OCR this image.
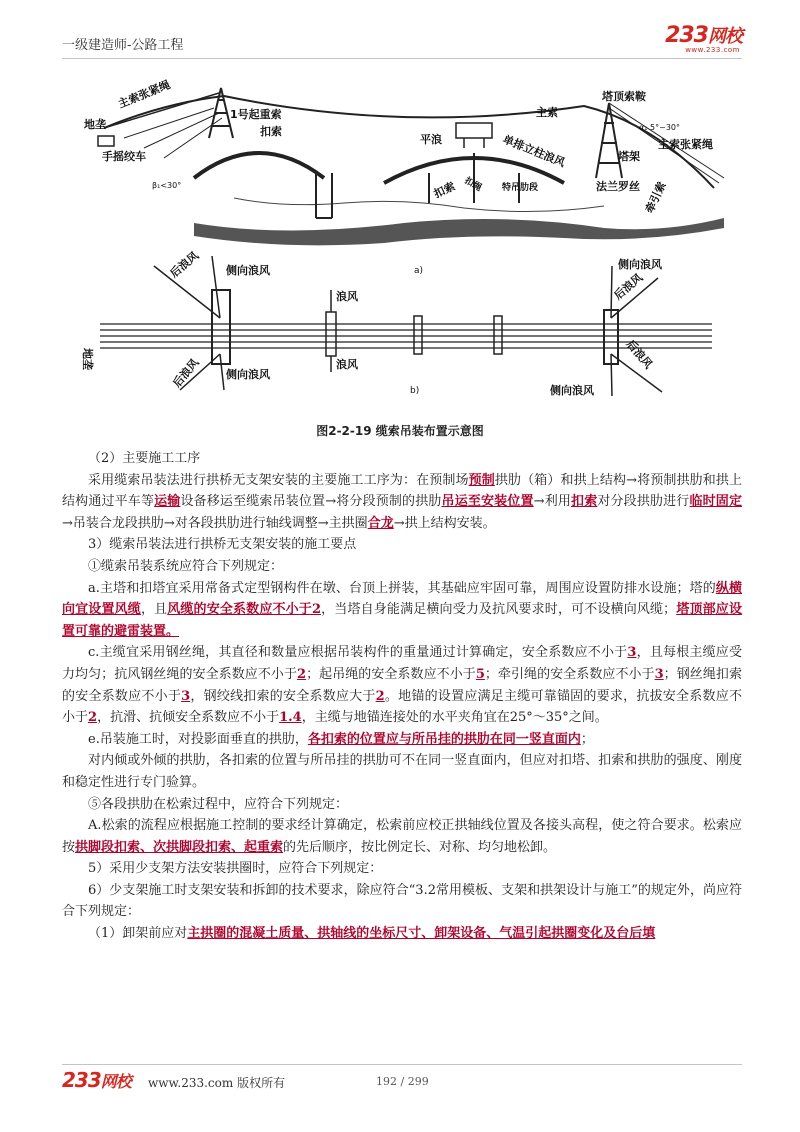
一级建造师-公路工程	233网校
www.233.com
地垄
主索张紧绳
1号起重索
扣索
手摇绞车
平浪
主索
塔顶索鞍
α₁ 5°~30°
主索张紧绳
单排立柱浪风	塔架
扣索 扣绳 特吊肋段	法兰罗丝 牵引索
β₁<30°
a)
地垄
后浪风 侧向浪风
浪风
浪风
后浪风 侧向浪风
侧向浪风
后浪风
后浪风
侧向浪风
b)
图2-2-19 缆索吊装布置示意图

（2）主要施工工序

采用缆索吊装法进行拱桥无支架安装的主要施工工序为：在预制场预制拱肋（箱）和拱上结构→将预制拱肋和拱上结构通过平车等运输设备移运至缆索吊装位置→将分段预制的拱肋吊运至安装位置→利用扣索对分段拱肋进行临时固定→吊装合龙段拱肋→对各段拱肋进行轴线调整→主拱圈合龙→拱上结构安装。

3）缆索吊装法进行拱桥无支架安装的施工要点

①缆索吊装系统应符合下列规定：

a.主塔和扣塔宜采用常备式定型钢构件在墩、台顶上拼装，其基础应牢固可靠，周围应设置防排水设施；塔的纵横向宜设置风缆，且风缆的安全系数应不小于2，当塔自身能满足横向受力及抗风要求时，可不设横向风缆；塔顶部应设置可靠的避雷装置。

c.主缆宜采用钢丝绳，其直径和数量应根据吊装构件的重量通过计算确定，安全系数应不小于3，且每根主缆应受力均匀；抗风钢丝绳的安全系数应不小于2；起吊绳的安全系数应不小于5；牵引绳的安全系数应不小于3；钢丝绳扣索的安全系数应不小于3，钢绞线扣索的安全系数应大于2。地锚的设置应满足主缆可靠锚固的要求，抗拔安全系数应不小于2，抗滑、抗倾安全系数应不小于1.4，主缆与地锚连接处的水平夹角宜在25°～35°之间。

e.吊装施工时，对投影面垂直的拱肋，各扣索的位置应与所吊挂的拱肋在同一竖直面内；

对内倾或外倾的拱肋，各扣索的位置与所吊挂的拱肋可不在同一竖直面内，但应对扣塔、扣索和拱肋的强度、刚度和稳定性进行专门验算。

⑤各段拱肋在松索过程中，应符合下列规定：

A.松索的流程应根据施工控制的要求经计算确定，松索前应校正拱轴线位置及各接头高程，使之符合要求。松索应按拱脚段扣索、次拱脚段扣索、起重索的先后顺序，按比例定长、对称、均匀地松卸。

5）采用少支架方法安装拱圈时，应符合下列规定：

6）少支架施工时支架安装和拆卸的技术要求，除应符合“3.2常用模板、支架和拱架设计与施工”的规定外，尚应符合下列规定：

（1）卸架前应对主拱圈的混凝土质量、拱轴线的坐标尺寸、卸架设备、气温引起拱圈变化及台后填

233网校 www.233.com 版权所有	192 / 299
